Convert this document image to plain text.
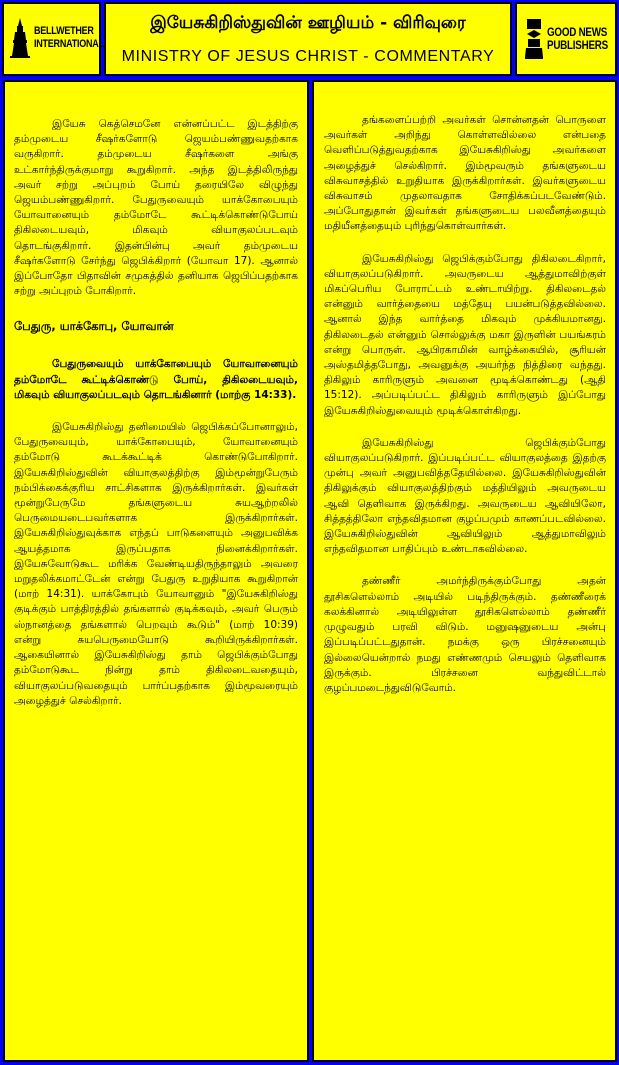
BELLWETHER
INTERNATIONAL
இயேசுகிறிஸ்துவின் ஊழியம் - விரிவுரை
MINISTRY OF JESUS CHRIST - COMMENTARY
GOOD NEWS
PUBLISHERS

இயேசு கெத்செமனே என்னப்பட்ட இடத்திற்கு தம்முடைய சீஷர்களோடு ஜெயம்பண்ணுவதற்காக வருகிறார். தம்முடைய சீஷர்களை அங்கு உட்கார்ந்திருக்குமாறு கூறுகிறார். அந்த இடத்திலிருந்து அவர் சற்று அப்புறம் போய் தரையிலே விழுந்து ஜெயம்பண்ணுகிறார். பேதுருவையும் யாக்கோபையும் யோவானையும் தம்மோடே கூட்டிக்கொண்டுபோய் திகிலடையவும், மிகவும் வியாகுலப்படவும் தொடங்குகிறார். இதன்பின்பு அவர் தம்முடைய சீஷர்களோடு சேர்ந்து ஜெபிக்கிறார் (யோவா 17). ஆனால் இப்போதோ பிதாவின் சமுகத்தில் தனியாக ஜெபிப்பதற்காக சற்று அப்புறம் போகிறார்.

பேதுரு, யாக்கோபு, யோவான்

பேதுருவையும் யாக்கோபையும் யோவானையும் தம்மோடே கூட்டிக்கொண்டு போய், திகிலடையவும், மிகவும் வியாகுலப்படவும் தொடங்கினார் (மாற்கு 14:33).

இயேசுகிறிஸ்து தனிமையில் ஜெபிக்கப்போனாலும், பேதுருவையும், யாக்கோபையும், யோவானையும் தம்மோடு கூடக்கூட்டிக் கொண்டுபோகிறார். இயேசுகிறிஸ்துவின் வியாகுலத்திற்கு இம்மூன்றுபேரும் நம்பிக்கைக்குரிய சாட்சிகளாக இருக்கிறார்கள். இவர்கள் மூன்றுபேருமே தங்களுடைய சுயஆற்றலில் பெருமையடைபவர்களாக இருக்கிறார்கள். இயேசுகிறிஸ்துவுக்காக எந்தப் பாடுகளையும் அனுபவிக்க ஆயத்தமாக இருப்பதாக நினைக்கிறார்கள். இயேசுவோடுகூட மரிக்க வேண்டியதிருந்தாலும் அவரை மறுதலிக்கமாட்டேன் என்று பேதுரு உறுதியாக கூறுகிறான் (மாற் 14:31). யாக்கோபும் யோவானும் "இயேசுகிறிஸ்து குடிக்கும் பாத்திரத்தில் தங்களால் குடிக்கவும், அவர் பெரும் ஸ்நானத்தை தங்களால் பெறவும் கூடும்" (மாற் 10:39) என்று சுயபெருமையோடு கூறியிருக்கிறார்கள். ஆகையினால் இயேசுகிறிஸ்து தாம் ஜெபிக்கும்போது தம்மோடுகூட நின்று தாம் திகிலடைவதையும், வியாகுலப்படுவதையும் பார்ப்பதற்காக இம்மூவரையும் அழைத்துச் செல்கிறார்.

தங்களைப்பற்றி அவர்கள் சொன்னதன் பொருளை அவர்கள் அறிந்து கொள்ளவில்லை என்பதை வெளிப்படுத்துவதற்காக இயேசுகிறிஸ்து அவர்களை அழைத்துச் செல்கிறார். இம்மூவரும் தங்களுடைய விசுவாசத்தில் உறுதியாக இருக்கிறார்கள். இவர்களுடைய விசுவாசம் முதலாவதாக சோதிக்கப்படவேண்டும். அப்போதுதான் இவர்கள் தங்களுடைய பலவீனத்தையும் மதியீனத்தையும் புரிந்துகொள்வார்கள்.

இயேசுகிறிஸ்து ஜெபிக்கும்போது திகிலடைகிறார், வியாகுலப்படுகிறார். அவருடைய ஆத்துமாவிற்குள் மிகப்பெரிய போராட்டம் உண்டாயிற்று. திகிலடைதல் என்னும் வார்த்தையை மத்தேயு பயன்படுத்தவில்லை. ஆனால் இந்த வார்த்தை மிகவும் முக்கியமானது. திகிலடைதல் என்னும் சொல்லுக்கு மகா இருளின் பயங்கரம் என்று பொருள். ஆபிரகாமின் வாழ்க்கையில், சூரியன் அஸ்தமித்தபோது, அவனுக்கு அயர்ந்த நித்திரை வந்தது. திகிலும் காரிருளும் அவனை மூடிக்கொண்டது (ஆதி 15:12). அப்படிப்பட்ட திகிலும் காரிருளும் இப்போது இயேசுகிறிஸ்துவையும் மூடிக்கொள்கிறது.

இயேசுகிறிஸ்து ஜெபிக்கும்போது வியாகுலப்படுகிறார். இப்படிப்பட்ட வியாகுலத்தை இதற்கு முன்பு அவர் அனுபவித்ததேயில்லை. இயேசுகிறிஸ்துவின் திகிலுக்கும் வியாகுலத்திற்கும் மத்தியிலும் அவருடைய ஆவி தெளிவாக இருக்கிறது. அவருடைய ஆவியிலோ, சித்தத்திலோ எந்தவிதமான குழப்பமும் காணப்படவில்லை. இயேசுகிறிஸ்துவின் ஆவியிலும் ஆத்துமாவிலும் எந்தவிதமான பாதிப்பும் உண்டாகவில்லை.

தண்ணீர் அமர்ந்திருக்கும்போது அதன் தூசிகளெல்லாம் அடியில் படிந்திருக்கும். தண்ணீரைக் கலக்கினால் அடியிலுள்ள தூசிகளெல்லாம் தண்ணீர் முழுவதும் பரவி விடும். மனுஷனுடைய அன்பு இப்படிப்பட்டதுதான். நமக்கு ஒரு பிரச்சனையும் இல்லையென்றால் நமது எண்ணமும் செயலும் தெளிவாக இருக்கும். பிரச்சனை வந்துவிட்டால் குழப்பமடைந்துவிடுவோம்.
